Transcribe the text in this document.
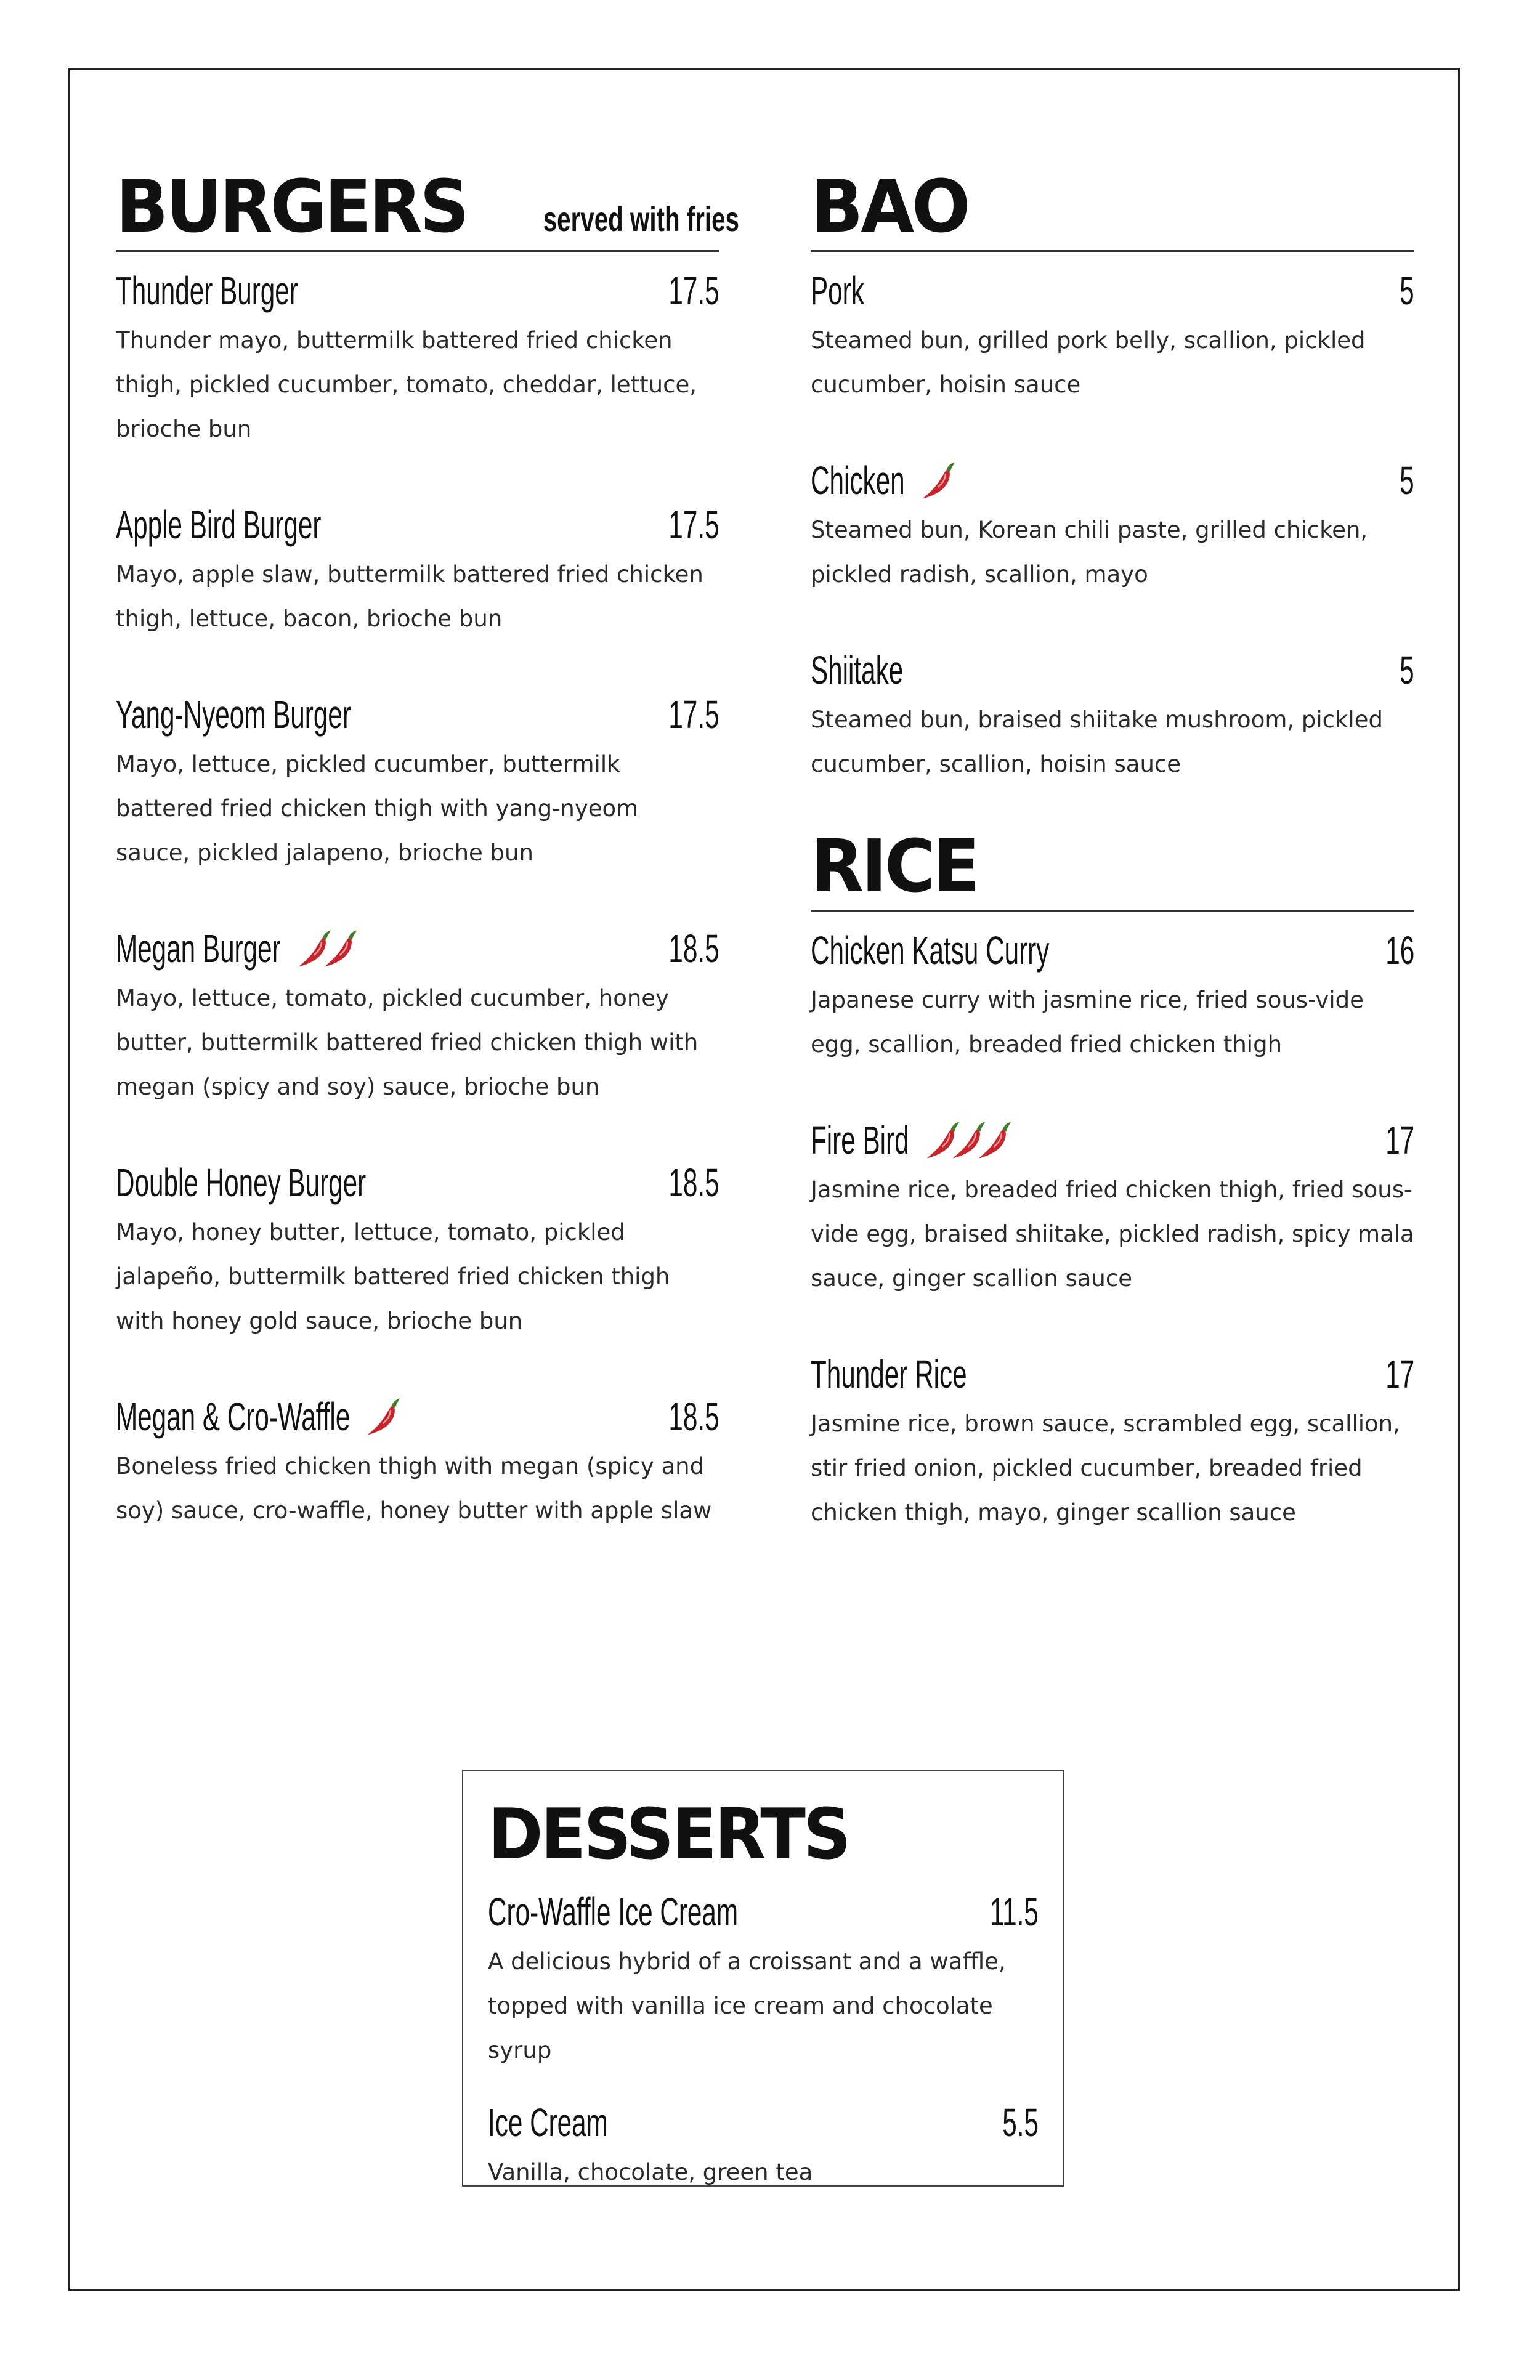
BURGERS served with fries
Thunder Burger	17.5
Thunder mayo, buttermilk battered fried chicken thigh, pickled cucumber, tomato, cheddar, lettuce, brioche bun
Apple Bird Burger	17.5
Mayo, apple slaw, buttermilk battered fried chicken thigh, lettuce, bacon, brioche bun
Yang-Nyeom Burger	17.5
Mayo, lettuce, pickled cucumber, buttermilk battered fried chicken thigh with yang-nyeom sauce, pickled jalapeno, brioche bun
Megan Burger	18.5
Mayo, lettuce, tomato, pickled cucumber, honey butter, buttermilk battered fried chicken thigh with megan (spicy and soy) sauce, brioche bun
Double Honey Burger	18.5
Mayo, honey butter, lettuce, tomato, pickled jalapeño, buttermilk battered fried chicken thigh with honey gold sauce, brioche bun
Megan & Cro-Waffle	18.5
Boneless fried chicken thigh with megan (spicy and soy) sauce, cro-waffle, honey butter with apple slaw
BAO
Pork	5
Steamed bun, grilled pork belly, scallion, pickled cucumber, hoisin sauce
Chicken	5
Steamed bun, Korean chili paste, grilled chicken, pickled radish, scallion, mayo
Shiitake	5
Steamed bun, braised shiitake mushroom, pickled cucumber, scallion, hoisin sauce
RICE
Chicken Katsu Curry	16
Japanese curry with jasmine rice, fried sous-vide egg, scallion, breaded fried chicken thigh
Fire Bird	17
Jasmine rice, breaded fried chicken thigh, fried sous-vide egg, braised shiitake, pickled radish, spicy mala sauce, ginger scallion sauce
Thunder Rice	17
Jasmine rice, brown sauce, scrambled egg, scallion, stir fried onion, pickled cucumber, breaded fried chicken thigh, mayo, ginger scallion sauce
DESSERTS
Cro-Waffle Ice Cream	11.5
A delicious hybrid of a croissant and a waffle, topped with vanilla ice cream and chocolate syrup
Ice Cream	5.5
Vanilla, chocolate, green tea
